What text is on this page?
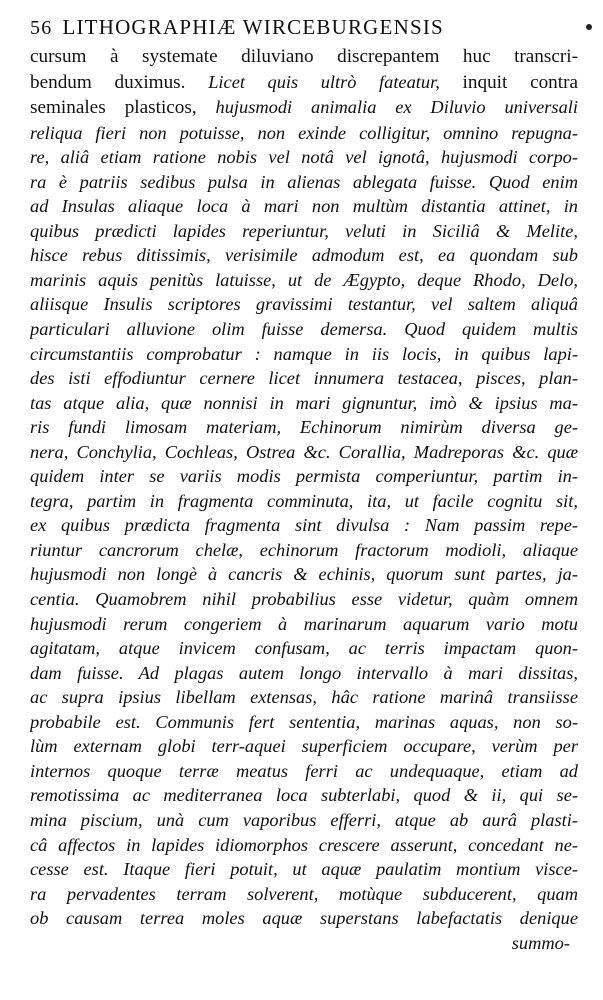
56 LITHOGRAPHIÆ WIRCEBURGENSIS
cursum à systemate diluviano discrepantem huc transcri-
bendum duximus. Licet quis ultrò fateatur, inquit contra
seminales plasticos, hujusmodi animalia ex Diluvio universali
reliqua fieri non potuisse, non exinde colligitur, omnino repugna-
re, aliâ etiam ratione nobis vel notâ vel ignotâ, hujusmodi corpo-
ra è patriis sedibus pulsa in alienas ablegata fuisse. Quod enim
ad Insulas aliaque loca à mari non multùm distantia attinet, in
quibus prædicti lapides reperiuntur, veluti in Siciliâ & Melite,
hisce rebus ditissimis, verisimile admodum est, ea quondam sub
marinis aquis penitùs latuisse, ut de Ægypto, deque Rhodo, Delo,
aliisque Insulis scriptores gravissimi testantur, vel saltem aliquâ
particulari alluvione olim fuisse demersa. Quod quidem multis
circumstantiis comprobatur : namque in iis locis, in quibus lapi-
des isti effodiuntur cernere licet innumera testacea, pisces, plan-
tas atque alia, quæ nonnisi in mari gignuntur, imò & ipsius ma-
ris fundi limosam materiam, Echinorum nimirùm diversa ge-
nera, Conchylia, Cochleas, Ostrea &c. Corallia, Madreporas &c. quæ
quidem inter se variis modis permista comperiuntur, partim in-
tegra, partim in fragmenta comminuta, ita, ut facile cognitu sit,
ex quibus prædicta fragmenta sint divulsa : Nam passim repe-
riuntur cancrorum chelæ, echinorum fractorum modioli, aliaque
hujusmodi non longè à cancris & echinis, quorum sunt partes, ja-
centia. Quamobrem nihil probabilius esse videtur, quàm omnem
hujusmodi rerum congeriem à marinarum aquarum vario motu
agitatam, atque invicem confusam, ac terris impactam quon-
dam fuisse. Ad plagas autem longo intervallo à mari dissitas,
ac supra ipsius libellam extensas, hâc ratione marinâ transiisse
probabile est. Communis fert sententia, marinas aquas, non so-
lùm externam globi terr-aquei superficiem occupare, verùm per
internos quoque terræ meatus ferri ac undequaque, etiam ad
remotissima ac mediterranea loca subterlabi, quod & ii, qui se-
mina piscium, unà cum vaporibus efferri, atque ab aurâ plasti-
câ affectos in lapides idiomorphos crescere asserunt, concedant ne-
cesse est. Itaque fieri potuit, ut aquæ paulatim montium visce-
ra pervadentes terram solverent, motùque subducerent, quam
ob causam terrea moles aquæ superstans labefactatis denique
summo-
